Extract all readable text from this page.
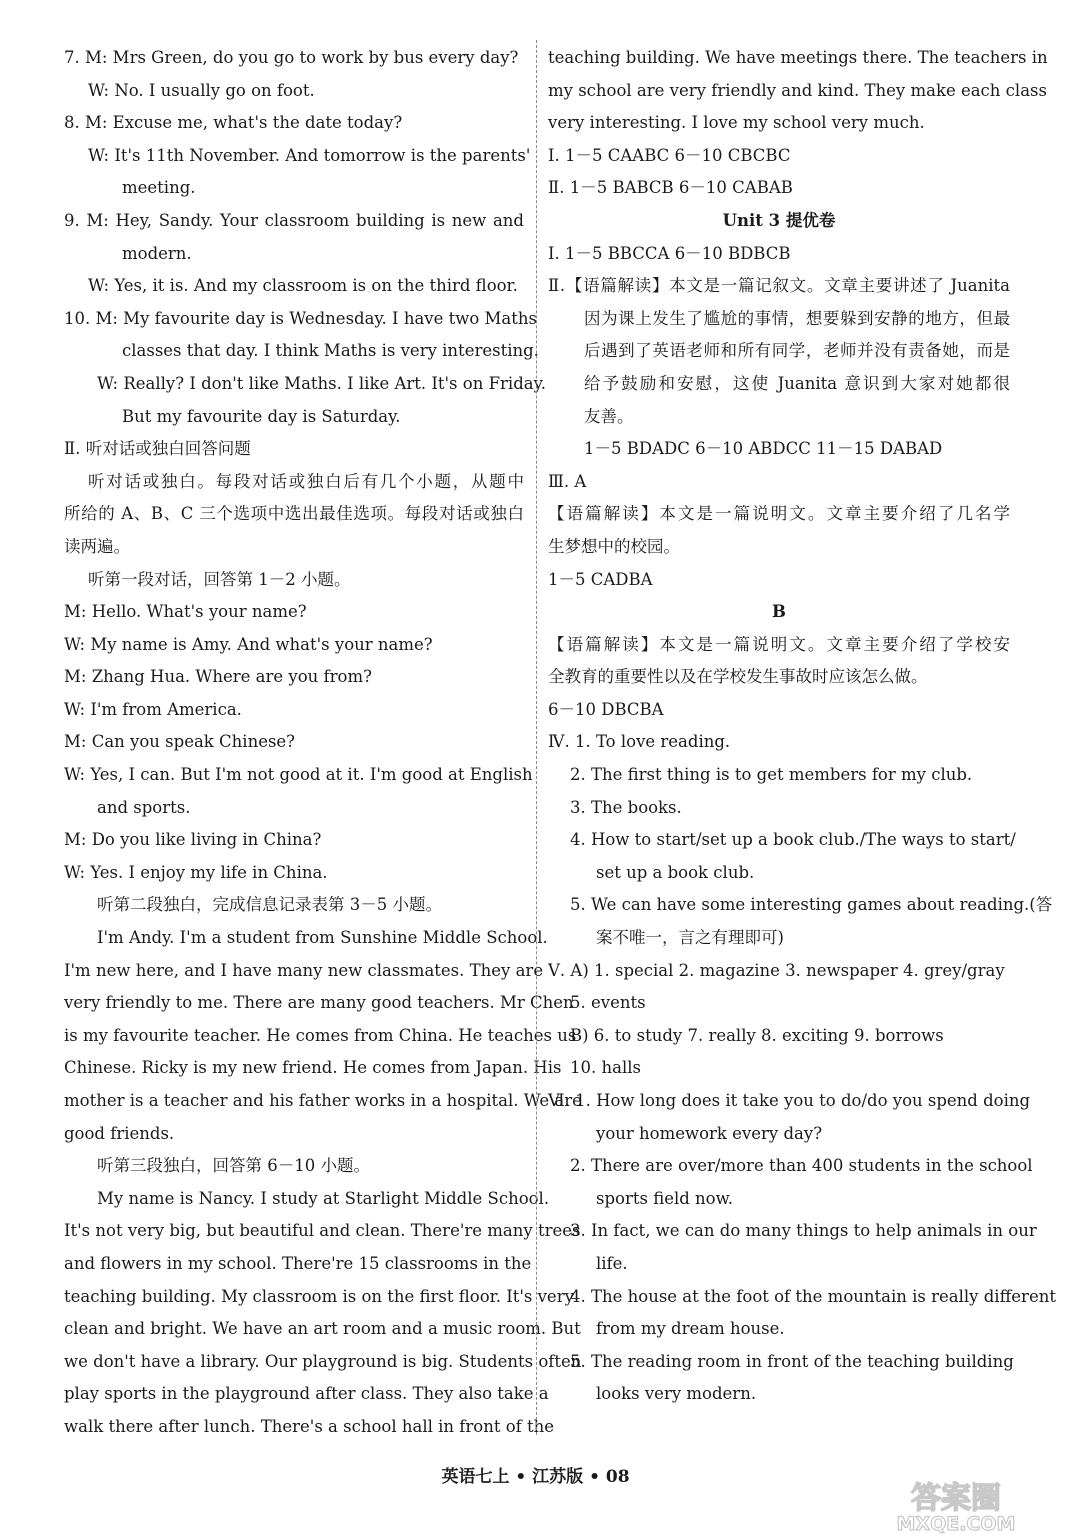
7. M: Mrs Green, do you go to work by bus every day?
W: No. I usually go on foot.
8. M: Excuse me, what's the date today?
W: It's 11th November. And tomorrow is the parents'
meeting.
9. M: Hey, Sandy. Your classroom building is new and
modern.
W: Yes, it is. And my classroom is on the third floor.
10. M: My favourite day is Wednesday. I have two Maths
classes that day. I think Maths is very interesting.
W: Really? I don't like Maths. I like Art. It's on Friday.
But my favourite day is Saturday.
Ⅱ. 听对话或独白回答问题
听对话或独白。每段对话或独白后有几个小题，从题中
所给的 A、B、C 三个选项中选出最佳选项。每段对话或独白
读两遍。
听第一段对话，回答第 1－2 小题。
M: Hello. What's your name?
W: My name is Amy. And what's your name?
M: Zhang Hua. Where are you from?
W: I'm from America.
M: Can you speak Chinese?
W: Yes, I can. But I'm not good at it. I'm good at English
and sports.
M: Do you like living in China?
W: Yes. I enjoy my life in China.
听第二段独白，完成信息记录表第 3－5 小题。
I'm Andy. I'm a student from Sunshine Middle School.
I'm new here, and I have many new classmates. They are
very friendly to me. There are many good teachers. Mr Chen
is my favourite teacher. He comes from China. He teaches us
Chinese. Ricky is my new friend. He comes from Japan. His
mother is a teacher and his father works in a hospital. We are
good friends.
听第三段独白，回答第 6－10 小题。
My name is Nancy. I study at Starlight Middle School.
It's not very big, but beautiful and clean. There're many trees
and flowers in my school. There're 15 classrooms in the
teaching building. My classroom is on the first floor. It's very
clean and bright. We have an art room and a music room. But
we don't have a library. Our playground is big. Students often
play sports in the playground after class. They also take a
walk there after lunch. There's a school hall in front of the
teaching building. We have meetings there. The teachers in
my school are very friendly and kind. They make each class
very interesting. I love my school very much.
Ⅰ. 1－5 CAABC 6－10 CBCBC
Ⅱ. 1－5 BABCB 6－10 CABAB
Unit 3 提优卷
Ⅰ. 1－5 BBCCA 6－10 BDBCB
Ⅱ.【语篇解读】本文是一篇记叙文。文章主要讲述了 Juanita
因为课上发生了尴尬的事情，想要躲到安静的地方，但最
后遇到了英语老师和所有同学，老师并没有责备她，而是
给予鼓励和安慰，这使 Juanita 意识到大家对她都很
友善。
1－5 BDADC 6－10 ABDCC 11－15 DABAD
Ⅲ. A
【语篇解读】本文是一篇说明文。文章主要介绍了几名学
生梦想中的校园。
1－5 CADBA
B
【语篇解读】本文是一篇说明文。文章主要介绍了学校安
全教育的重要性以及在学校发生事故时应该怎么做。
6－10 DBCBA
Ⅳ. 1. To love reading.
2. The first thing is to get members for my club.
3. The books.
4. How to start/set up a book club./The ways to start/
set up a book club.
5. We can have some interesting games about reading.(答
案不唯一，言之有理即可)
Ⅴ. A) 1. special 2. magazine 3. newspaper 4. grey/gray
5. events
B) 6. to study 7. really 8. exciting 9. borrows
10. halls
Ⅵ. 1. How long does it take you to do/do you spend doing
your homework every day?
2. There are over/more than 400 students in the school
sports field now.
3. In fact, we can do many things to help animals in our
life.
4. The house at the foot of the mountain is really different
from my dream house.
5. The reading room in front of the teaching building
looks very modern.
英语七上 • 江苏版 • 08
答案圈
MXQE.COM
